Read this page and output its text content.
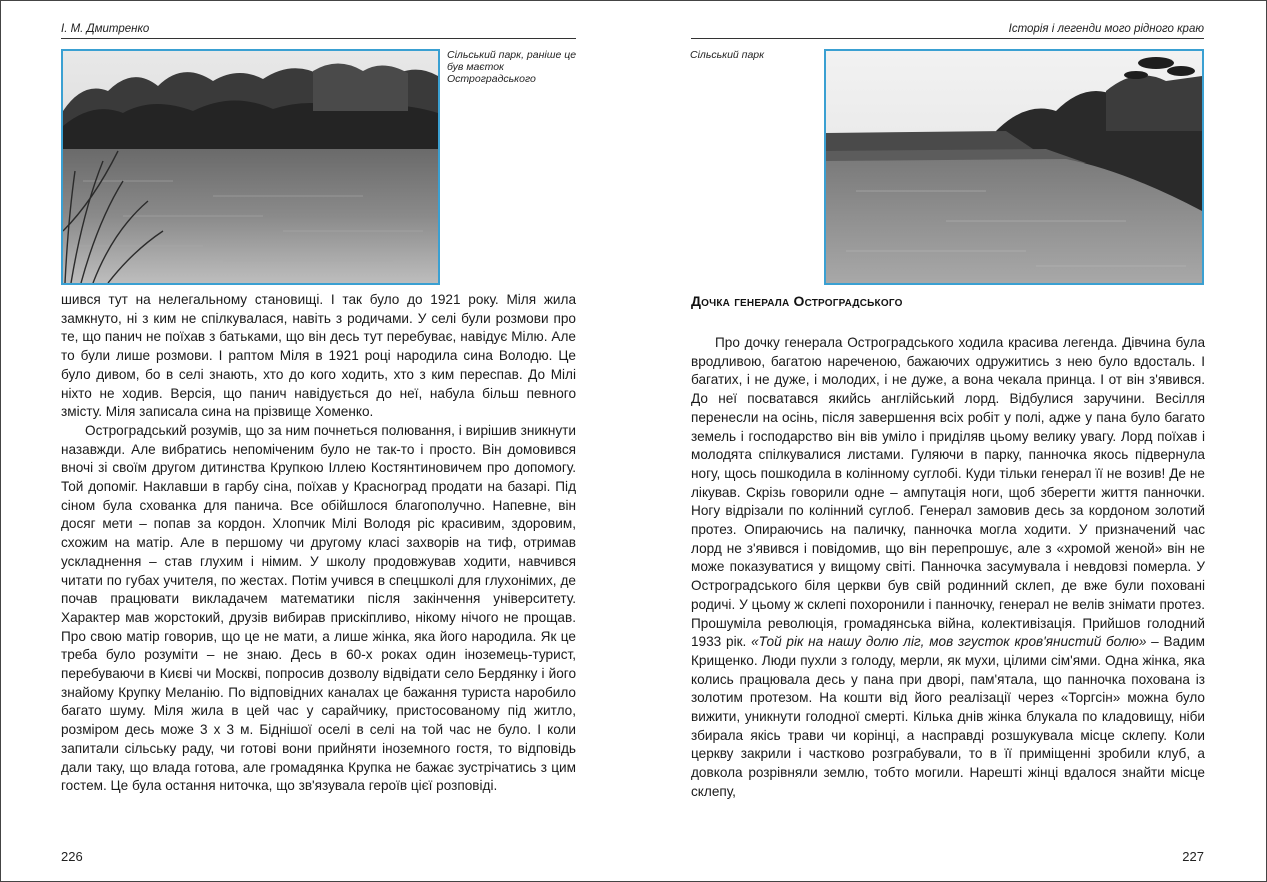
І. М. Дмитренко
Сільський парк, раніше це був маєток Остроградського

шився тут на нелегальному становищі. І так було до 1921 року. Міля жила замкнуто, ні з ким не спілкувалася, навіть з родичами. У селі були розмови про те, що панич не поїхав з батьками, що він десь тут перебуває, навідує Мілю. Але то були лише розмови. І раптом Міля в 1921 році народила сина Володю. Це було дивом, бо в селі знають, хто до кого ходить, хто з ким переспав. До Мілі ніхто не ходив. Версія, що панич навідується до неї, набула більш певного змісту. Міля записала сина на прізвище Хоменко.

Остроградський розумів, що за ним почнеться полювання, і вирішив зникнути назавжди. Але вибратись непоміченим було не так-то і просто. Він домовився вночі зі своїм другом дитинства Крупкою Іллею Костянтиновичем про допомогу. Той допоміг. Наклавши в гарбу сіна, поїхав у Красноград продати на базарі. Під сіном була схованка для панича. Все обійшлося благополучно. Напевне, він досяг мети – попав за кордон. Хлопчик Мілі Володя ріс красивим, здоровим, схожим на матір. Але в першому чи другому класі захворів на тиф, отримав ускладнення – став глухим і німим. У школу продовжував ходити, навчився читати по губах учителя, по жестах. Потім учився в спецшколі для глухонімих, де почав працювати викладачем математики після закінчення університету. Характер мав жорстокий, друзів вибирав прискіпливо, нікому нічого не прощав. Про свою матір говорив, що це не мати, а лише жінка, яка його народила. Як це треба було розуміти – не знаю. Десь в 60-х роках один іноземець-турист, перебуваючи в Києві чи Москві, попросив дозволу відвідати село Бердянку і його знайому Крупку Меланію. По відповідних каналах це бажання туриста наробило багато шуму. Міля жила в цей час у сарайчику, пристосованому під житло, розміром десь може 3 х 3 м. Біднішої оселі в селі на той час не було. І коли запитали сільську раду, чи готові вони прийняти іноземного гостя, то відповідь дали таку, що влада готова, але громадянка Крупка не бажає зустрічатись з цим гостем. Це була остання ниточка, що зв'язувала героїв цієї розповіді.

226
Історія і легенди мого рідного краю
Сільський парк
Дочка генерала Остроградського

Про дочку генерала Остроградського ходила красива легенда. Дівчина була вродливою, багатою нареченою, бажаючих одружитись з нею було вдосталь. І багатих, і не дуже, і молодих, і не дуже, а вона чекала принца. І от він з'явився. До неї посватався якийсь англійський лорд. Відбулися заручини. Весілля перенесли на осінь, після завершення всіх робіт у полі, адже у пана було багато земель і господарство він вів уміло і приділяв цьому велику увагу. Лорд поїхав і молодята спілкувалися листами. Гуляючи в парку, панночка якось підвернула ногу, щось пошкодила в колінному суглобі. Куди тільки генерал її не возив! Де не лікував. Скрізь говорили одне – ампутація ноги, щоб зберегти життя панночки. Ногу відрізали по колінний суглоб. Генерал замовив десь за кордоном золотий протез. Опираючись на паличку, панночка могла ходити. У призначений час лорд не з'явився і повідомив, що він перепрошує, але з «хромой женой» він не може показуватися у вищому світі. Панночка засумувала і невдовзі померла. У Остроградського біля церкви був свій родинний склеп, де вже були поховані родичі. У цьому ж склепі похоронили і панночку, генерал не велів знімати протез. Прошуміла революція, громадянська війна, колективізація. Прийшов голодний 1933 рік. «Той рік на нашу долю ліг, мов згусток кров'янистий болю» – Вадим Крищенко. Люди пухли з голоду, мерли, як мухи, цілими сім'ями. Одна жінка, яка колись працювала десь у пана при дворі, пам'ятала, що панночка похована із золотим протезом. На кошти від його реалізації через «Торгсін» можна було вижити, уникнути голодної смерті. Кілька днів жінка блукала по кладовищу, ніби збирала якісь трави чи корінці, а насправді розшукувала місце склепу. Коли церкву закрили і частково розграбували, то в її приміщенні зробили клуб, а довкола розрівняли землю, тобто могили. Нарешті жінці вдалося знайти місце склепу,

227
